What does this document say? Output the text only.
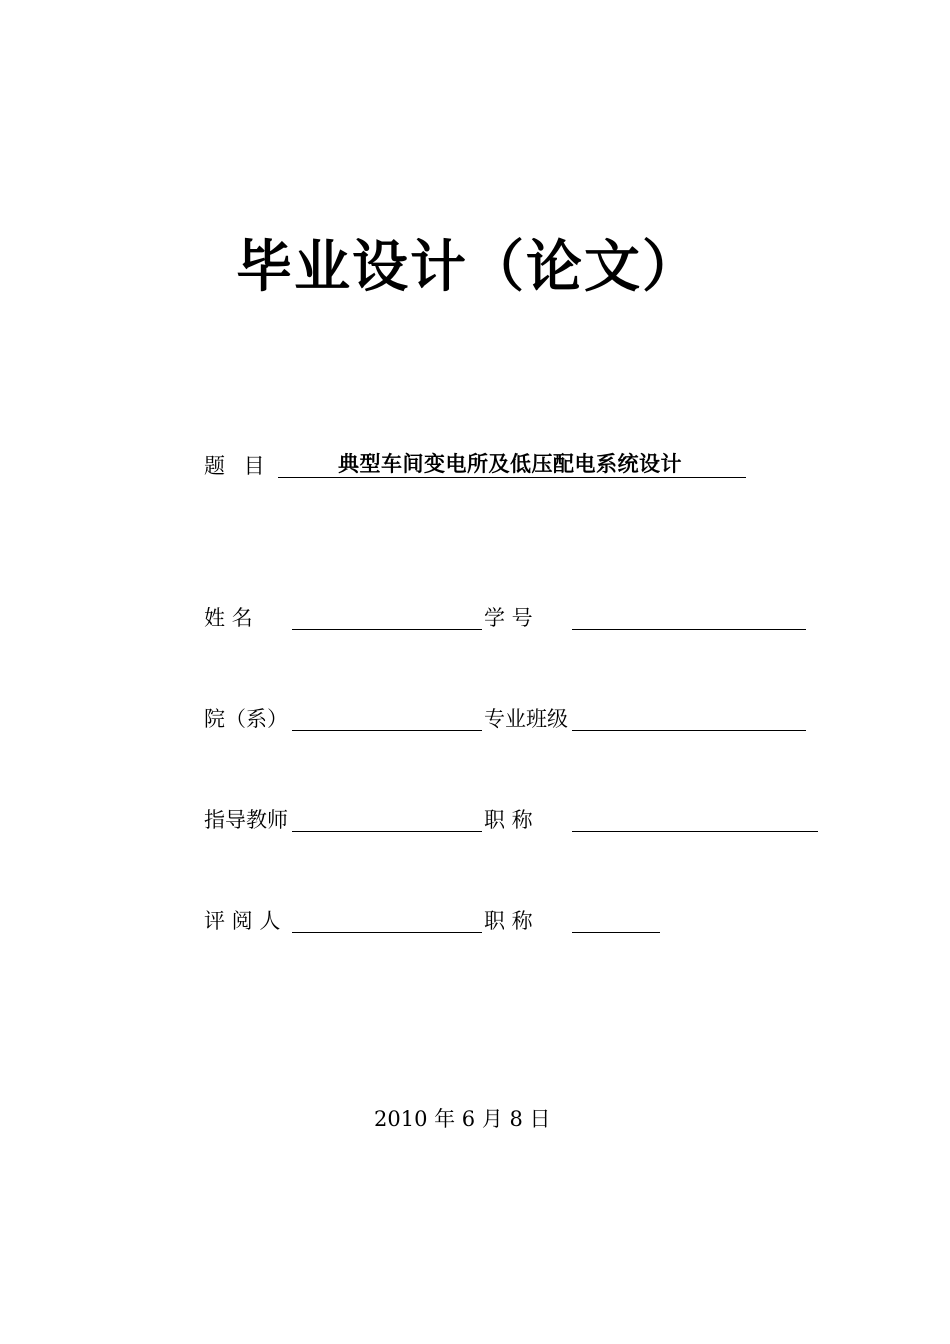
毕业设计（论文）
题 目	典型车间变电所及低压配电系统设计
姓 名	学 号
院（系）	专业班级
指导教师	职 称
评 阅 人	职 称
2010 年 6 月 8 日
